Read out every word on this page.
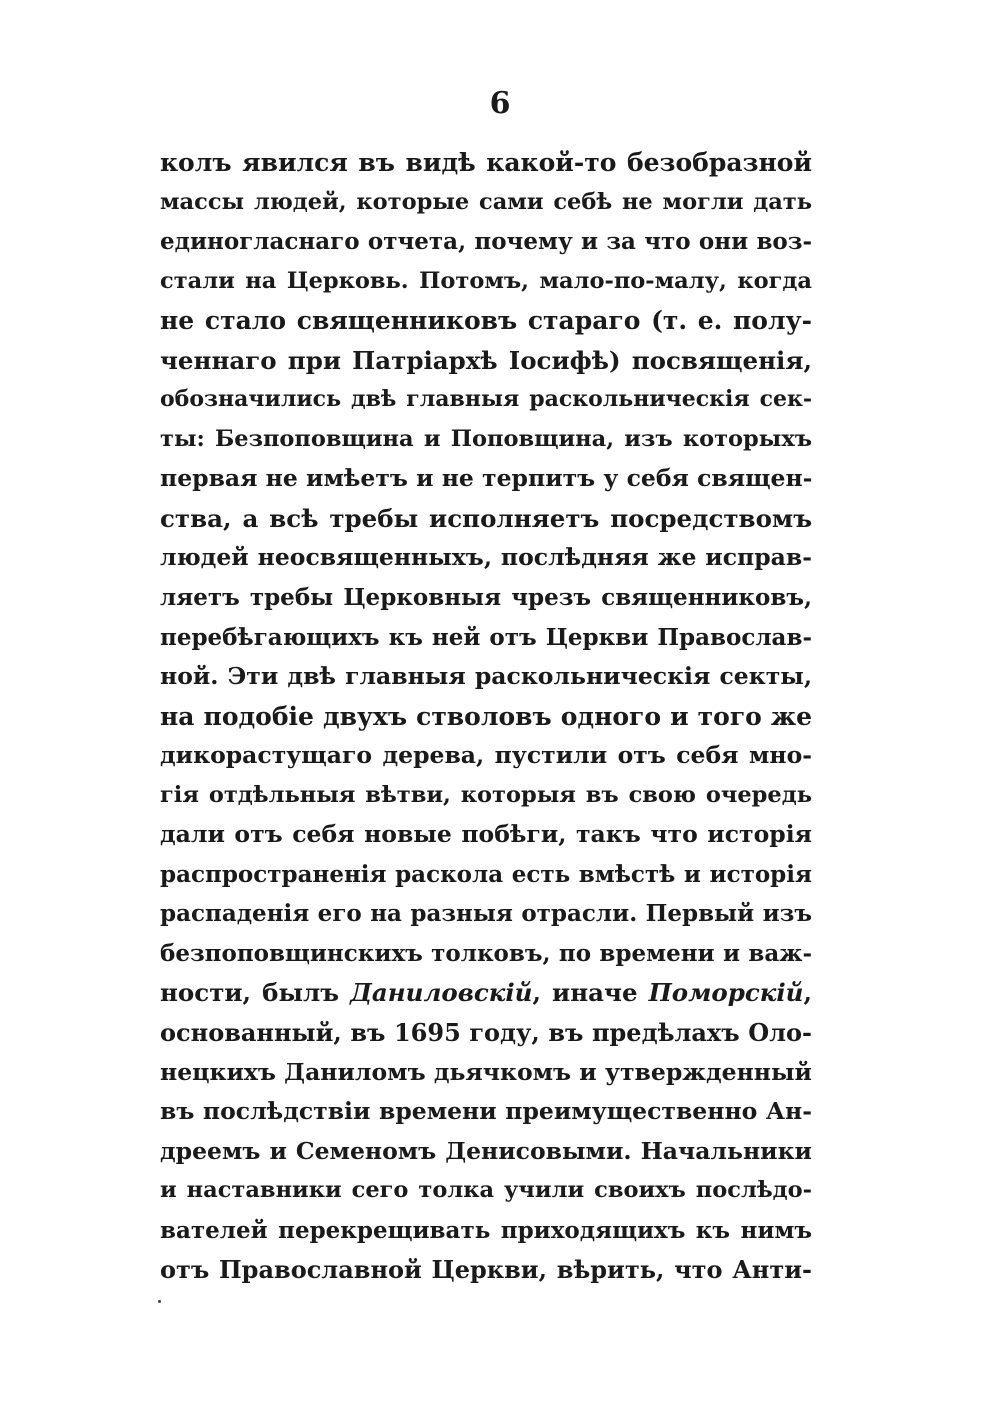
6
колъ явился въ видѣ какой-то безобразной
массы людей, которые сами себѣ не могли дать
единогласнаго отчета, почему и за что они воз-
стали на Церковь. Потомъ, мало-по-малу, когда
не стало священниковъ стараго (т. е. полу-
ченнаго при Патріархѣ Іосифѣ) посвященія,
обозначились двѣ главныя раскольническія сек-
ты: Безпоповщина и Поповщина, изъ которыхъ
первая не имѣетъ и не терпитъ у себя священ-
ства, а всѣ требы исполняетъ посредствомъ
людей неосвященныхъ, послѣдняя же исправ-
ляетъ требы Церковныя чрезъ священниковъ,
перебѣгающихъ къ ней отъ Церкви Православ-
ной. Эти двѣ главныя раскольническія секты,
на подобіе двухъ стволовъ одного и того же
дикорастущаго дерева, пустили отъ себя мно-
гія отдѣльныя вѣтви, которыя въ свою очередь
дали отъ себя новые побѣги, такъ что исторія
распространенія раскола есть вмѣстѣ и исторія
распаденія его на разныя отрасли. Первый изъ
безпоповщинскихъ толковъ, по времени и важ-
ности, былъ Даниловскій, иначе Поморскій,
основанный, въ 1695 году, въ предѣлахъ Оло-
нецкихъ Даниломъ дьячкомъ и утвержденный
въ послѣдствіи времени преимущественно Ан-
дреемъ и Семеномъ Денисовыми. Начальники
и наставники сего толка учили своихъ послѣдо-
вателей перекрещивать приходящихъ къ нимъ
отъ Православной Церкви, вѣрить, что Анти-
